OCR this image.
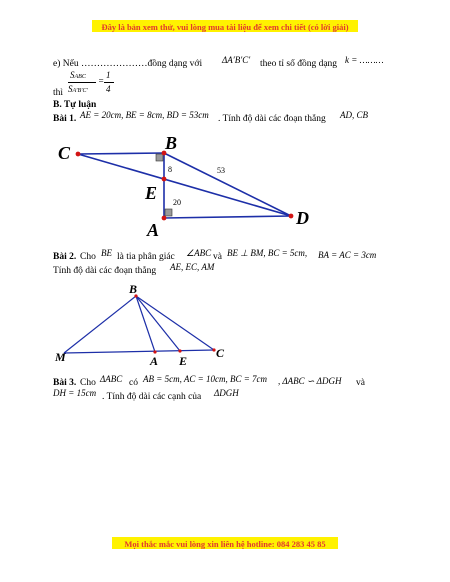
Đây là bản xem thử, vui lòng mua tài liệu để xem chi tiết (có lời giải)
e) Nếu …………………đồng dạng với ΔA′B′C′ theo tỉ số đồng dạng k = ………
thì
SABC
SA′B′C′
=
1
4
B. Tự luận
Bài 1. AE = 20cm, BE = 8cm, BD = 53cm . Tính độ dài các đoạn thẳng AD, CB
C	B
E
A
D
8	53
20
Bài 2. Cho BE là tia phân giác ∠ABC và BE ⊥ BM, BC = 5cm, BA = AC = 3cm
Tính độ dài các đoạn thẳng AE, EC, AM
B
M	A E
C
Bài 3. Cho ΔABC có AB = 5cm, AC = 10cm, BC = 7cm , ΔABC ∽ ΔDGH và
DH = 15cm . Tính độ dài các cạnh của ΔDGH
Mọi thắc mắc vui lòng xin liên hệ hotline: 084 283 45 85
